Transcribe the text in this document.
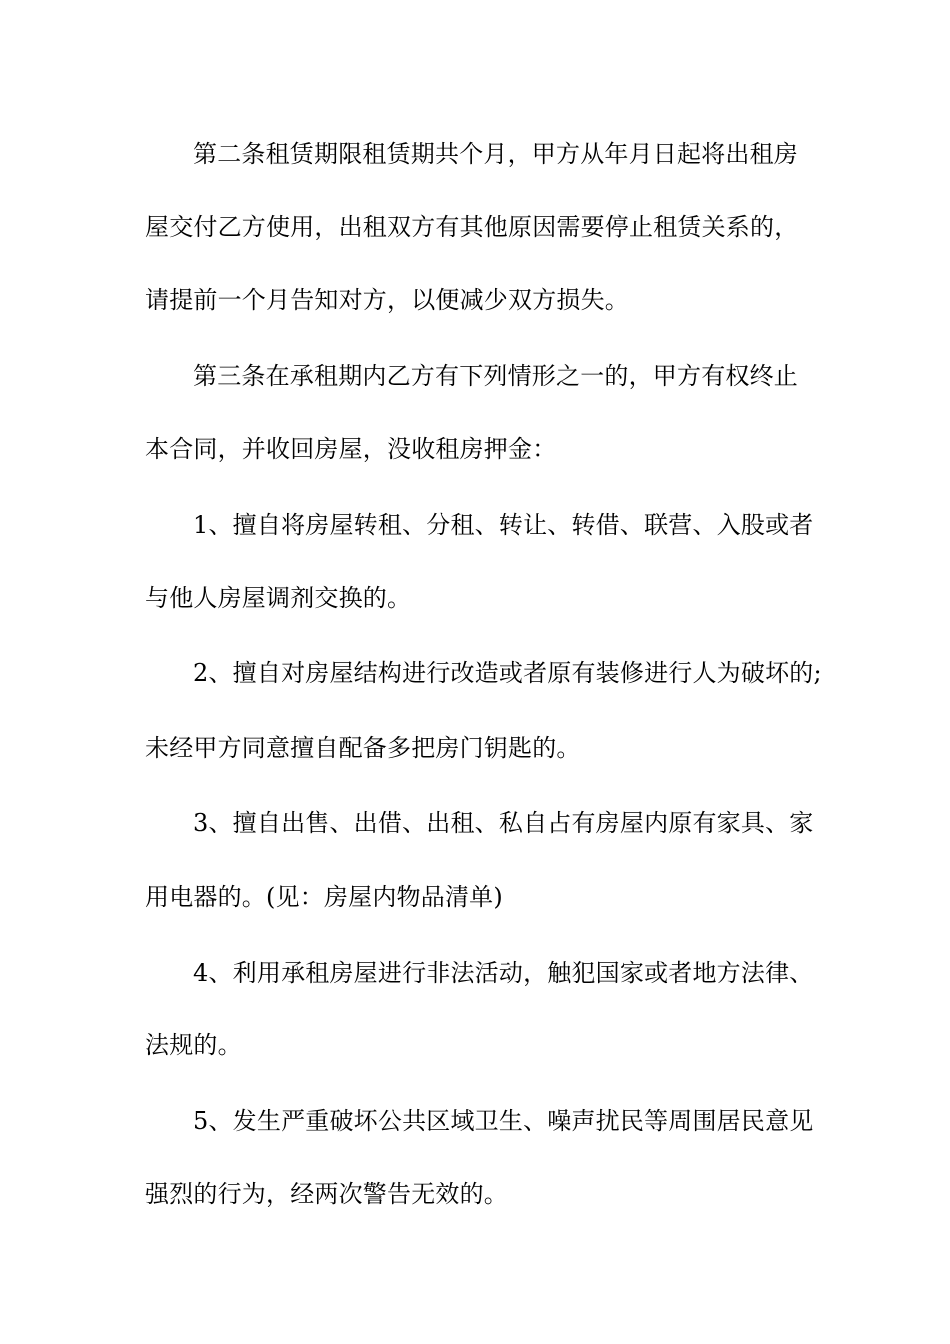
第二条租赁期限租赁期共个月，甲方从年月日起将出租房
屋交付乙方使用，出租双方有其他原因需要停止租赁关系的，
请提前一个月告知对方，以便减少双方损失。
第三条在承租期内乙方有下列情形之一的，甲方有权终止
本合同，并收回房屋，没收租房押金：
1、擅自将房屋转租、分租、转让、转借、联营、入股或者
与他人房屋调剂交换的。
2、擅自对房屋结构进行改造或者原有装修进行人为破坏的;
未经甲方同意擅自配备多把房门钥匙的。
3、擅自出售、出借、出租、私自占有房屋内原有家具、家
用电器的。(见：房屋内物品清单)
4、利用承租房屋进行非法活动，触犯国家或者地方法律、
法规的。
5、发生严重破坏公共区域卫生、噪声扰民等周围居民意见
强烈的行为，经两次警告无效的。
